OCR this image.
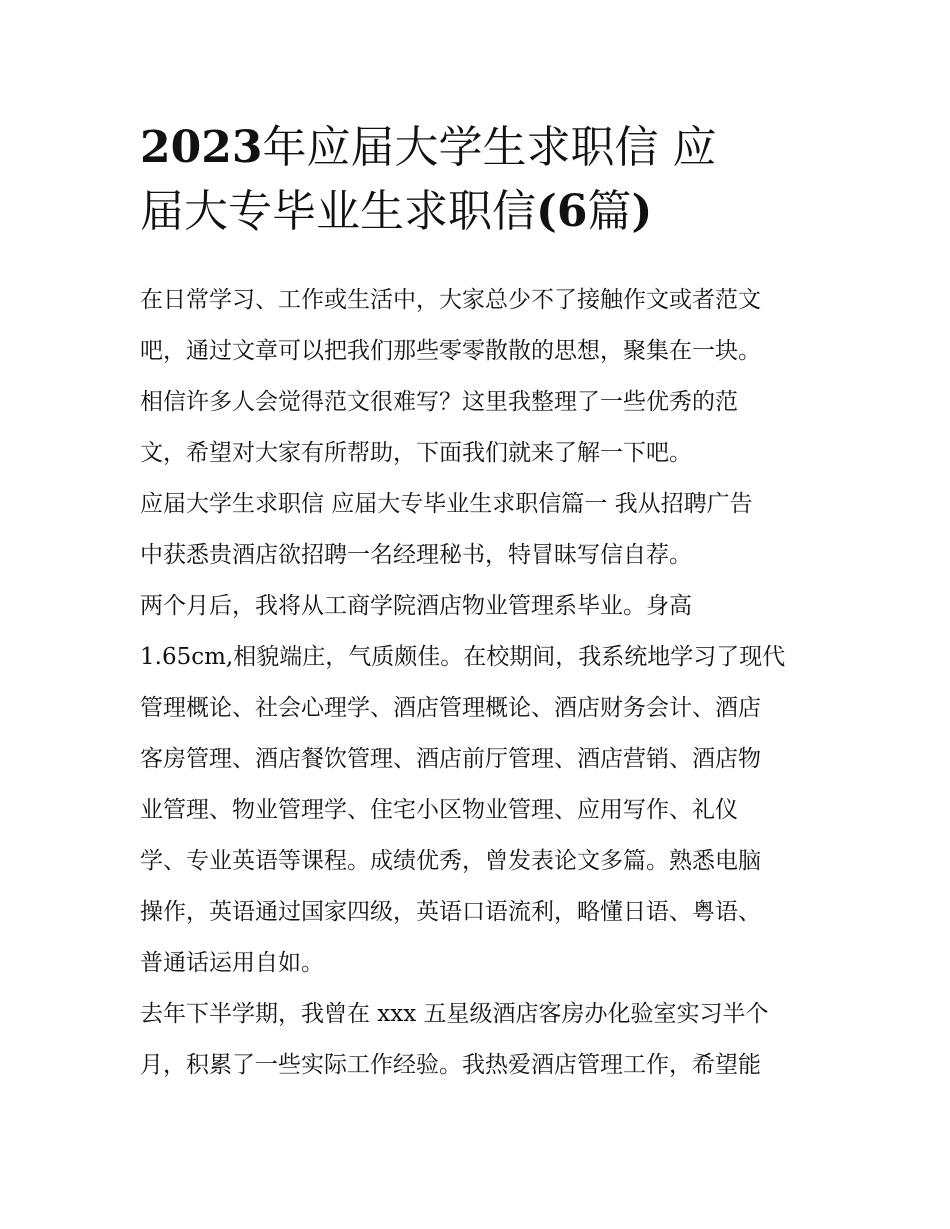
2023年应届大学生求职信 应
届大专毕业生求职信(6篇)
在日常学习、工作或生活中，大家总少不了接触作文或者范文
吧，通过文章可以把我们那些零零散散的思想，聚集在一块。
相信许多人会觉得范文很难写？这里我整理了一些优秀的范
文，希望对大家有所帮助，下面我们就来了解一下吧。
应届大学生求职信 应届大专毕业生求职信篇一 我从招聘广告
中获悉贵酒店欲招聘一名经理秘书，特冒昧写信自荐。
两个月后，我将从工商学院酒店物业管理系毕业。身高
1.65cm,相貌端庄，气质颇佳。在校期间，我系统地学习了现代
管理概论、社会心理学、酒店管理概论、酒店财务会计、酒店
客房管理、酒店餐饮管理、酒店前厅管理、酒店营销、酒店物
业管理、物业管理学、住宅小区物业管理、应用写作、礼仪
学、专业英语等课程。成绩优秀，曾发表论文多篇。熟悉电脑
操作，英语通过国家四级，英语口语流利，略懂日语、粤语、
普通话运用自如。
去年下半学期，我曾在 xxx 五星级酒店客房办化验室实习半个
月，积累了一些实际工作经验。我热爱酒店管理工作，希望能
